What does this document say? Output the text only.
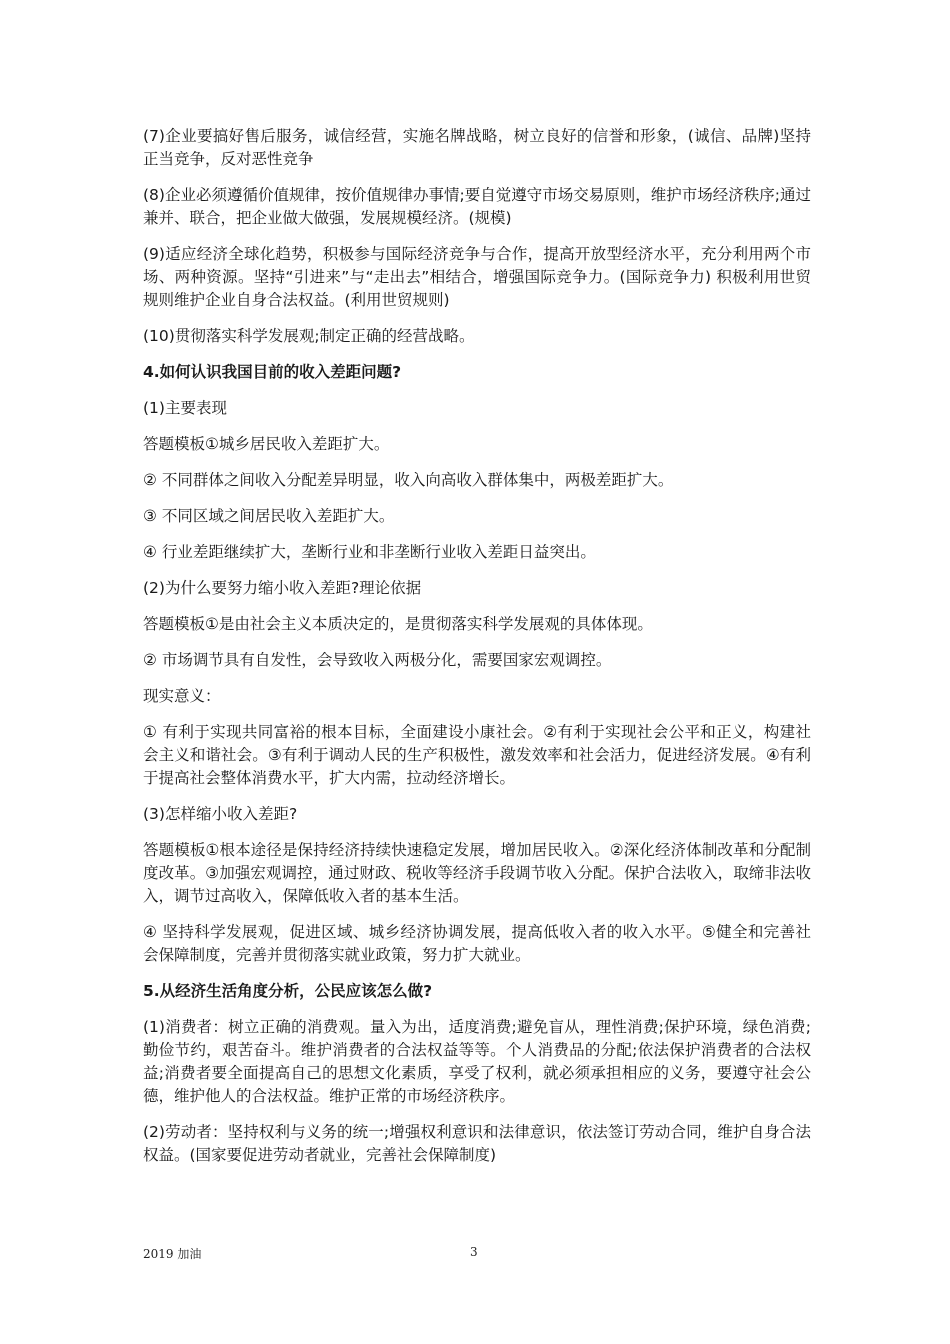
(7)企业要搞好售后服务，诚信经营，实施名牌战略，树立良好的信誉和形象，(诚信、品牌)坚持正当竞争，反对恶性竞争

(8)企业必须遵循价值规律，按价值规律办事情;要自觉遵守市场交易原则，维护市场经济秩序;通过兼并、联合，把企业做大做强，发展规模经济。(规模)

(9)适应经济全球化趋势，积极参与国际经济竞争与合作，提高开放型经济水平，充分利用两个市场、两种资源。坚持“引进来”与“走出去”相结合，增强国际竞争力。(国际竞争力) 积极利用世贸规则维护企业自身合法权益。(利用世贸规则)

(10)贯彻落实科学发展观;制定正确的经营战略。

4.如何认识我国目前的收入差距问题?

(1)主要表现

答题模板①城乡居民收入差距扩大。

② 不同群体之间收入分配差异明显，收入向高收入群体集中，两极差距扩大。

③ 不同区域之间居民收入差距扩大。

④ 行业差距继续扩大，垄断行业和非垄断行业收入差距日益突出。

(2)为什么要努力缩小收入差距?理论依据

答题模板①是由社会主义本质决定的，是贯彻落实科学发展观的具体体现。

② 市场调节具有自发性，会导致收入两极分化，需要国家宏观调控。

现实意义：

① 有利于实现共同富裕的根本目标，全面建设小康社会。②有利于实现社会公平和正义，构建社会主义和谐社会。③有利于调动人民的生产积极性，激发效率和社会活力，促进经济发展。④有利于提高社会整体消费水平，扩大内需，拉动经济增长。

(3)怎样缩小收入差距?

答题模板①根本途径是保持经济持续快速稳定发展，增加居民收入。②深化经济体制改革和分配制度改革。③加强宏观调控，通过财政、税收等经济手段调节收入分配。保护合法收入，取缔非法收入，调节过高收入，保障低收入者的基本生活。

④ 坚持科学发展观，促进区域、城乡经济协调发展，提高低收入者的收入水平。⑤健全和完善社会保障制度，完善并贯彻落实就业政策，努力扩大就业。

5.从经济生活角度分析，公民应该怎么做?

(1)消费者：树立正确的消费观。量入为出，适度消费;避免盲从，理性消费;保护环境，绿色消费;勤俭节约，艰苦奋斗。维护消费者的合法权益等等。个人消费品的分配;依法保护消费者的合法权益;消费者要全面提高自己的思想文化素质，享受了权利，就必须承担相应的义务，要遵守社会公德，维护他人的合法权益。维护正常的市场经济秩序。

(2)劳动者：坚持权利与义务的统一;增强权利意识和法律意识，依法签订劳动合同，维护自身合法权益。(国家要促进劳动者就业，完善社会保障制度)

2019 加油	3
